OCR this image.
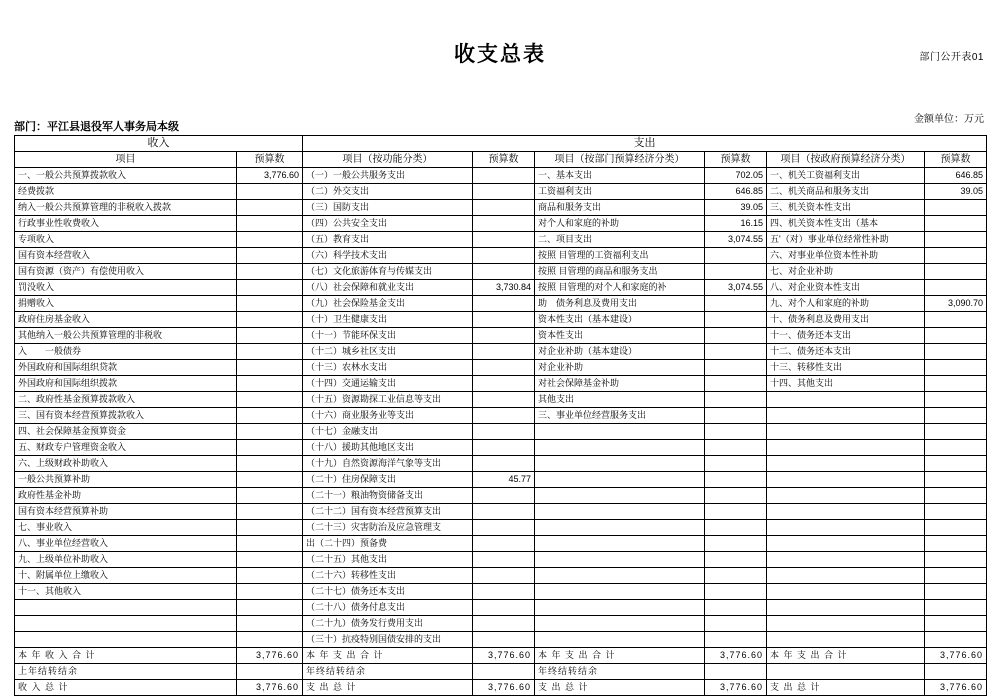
部门公开表01
收支总表
金额单位：万元
部门：平江县退役军人事务局本级
收入		支出					
项目	预算数	项目（按功能分类）	预算数	项目（按部门预算经济分类）	预算数	项目（按政府预算经济分类）	预算数
一、一般公共预算拨款收入	3,776.60	（一）一般公共服务支出		一、基本支出	702.05	一、机关工资福利支出	646.85
经费拨款		（二）外交支出		工资福利支出	646.85	二、机关商品和服务支出	39.05
纳入一般公共预算管理的非税收入拨款		（三）国防支出		商品和服务支出	39.05	三、机关资本性支出	
行政事业性收费收入		（四）公共安全支出		对个人和家庭的补助	16.15	四、机关资本性支出（基本	
专项收入		（五）教育支出		二、项目支出	3,074.55	五'（对）事业单位经常性补助	
国有资本经营收入		（六）科学技术支出		按照 目管理的工资福利支出		六、对事业单位资本性补助	
国有资源（资产）有偿使用收入		（七）文化旅游体育与传媒支出		按照 目管理的商品和服务支出		七、对企业补助	
罚没收入		（八）社会保障和就业支出	3,730.84	按照 目管理的对个人和家庭的补	3,074.55	八、对企业资本性支出	
捐赠收入		（九）社会保险基金支出		助　债务利息及费用支出		九、对个人和家庭的补助	3,090.70
政府住房基金收入		（十）卫生健康支出		资本性支出（基本建设）		十、债务利息及费用支出	
其他纳入一般公共预算管理的非税收		（十一）节能环保支出		资本性支出		十一、债务还本支出	
入　　一般债券		（十二）城乡社区支出		对企业补助（基本建设）		十二、债务还本支出	
外国政府和国际组织贷款		（十三）农林水支出		对企业补助		十三、转移性支出	
外国政府和国际组织拨款		（十四）交通运输支出		对社会保障基金补助		十四、其他支出	
二、政府性基金预算拨款收入		（十五）资源勘探工业信息等支出		其他支出			
三、国有资本经营预算拨款收入		（十六）商业服务业等支出		三、事业单位经营服务支出			
四、社会保障基金预算资金		（十七）金融支出					
五、财政专户管理资金收入		（十八）援助其他地区支出					
六、上级财政补助收入		（十九）自然资源海洋气象等支出					
一般公共预算补助		（二十）住房保障支出	45.77				
政府性基金补助		（二十一）粮油物资储备支出					
国有资本经营预算补助		（二十二）国有资本经营预算支出					
七、事业收入		（二十三）灾害防治及应急管理支					
八、事业单位经营收入		出（二十四）预备费					
九、上级单位补助收入		（二十五）其他支出					
十、附属单位上缴收入		（二十六）转移性支出					
十一、其他收入		（二十七）债务还本支出					
		（二十八）债务付息支出					
		（二十九）债务发行费用支出					
		（三十）抗疫特别国债安排的支出					
本 年 收 入 合 计	3,776.60	本 年 支 出 合 计	3,776.60	本 年 支 出 合 计	3,776.60	本 年 支 出 合 计	3,776.60
上年结转结余		年终结转结余		年终结转结余			
收 入 总 计	3,776.60	支 出 总 计	3,776.60	支 出 总 计	3,776.60	支 出 总 计	3,776.60
